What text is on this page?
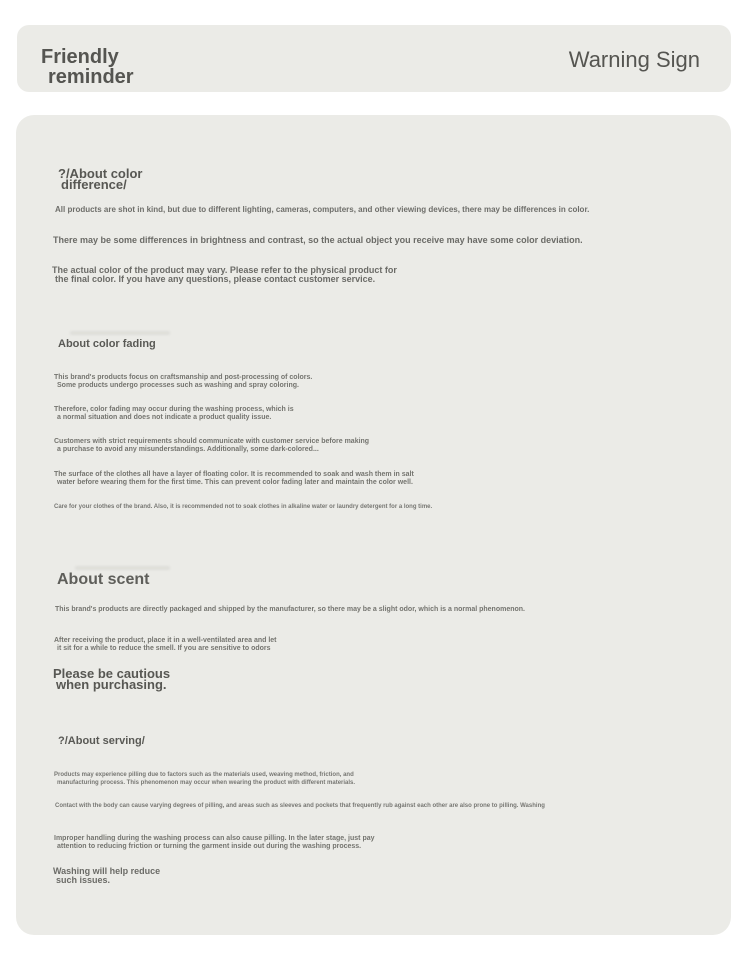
Friendly
reminder
Warning Sign
?/About color
difference/
All products are shot in kind, but due to different lighting, cameras, computers, and other viewing devices, there may be differences in color.
There may be some differences in brightness and contrast, so the actual object you receive may have some color deviation.
The actual color of the product may vary. Please refer to the physical product for
the final color. If you have any questions, please contact customer service.
About color fading
This brand's products focus on craftsmanship and post-processing of colors.
Some products undergo processes such as washing and spray coloring.
Therefore, color fading may occur during the washing process, which is
a normal situation and does not indicate a product quality issue.
Customers with strict requirements should communicate with customer service before making
a purchase to avoid any misunderstandings. Additionally, some dark-colored...
The surface of the clothes all have a layer of floating color. It is recommended to soak and wash them in salt
water before wearing them for the first time. This can prevent color fading later and maintain the color well.
Care for your clothes of the brand. Also, it is recommended not to soak clothes in alkaline water or laundry detergent for a long time.
About scent
This brand's products are directly packaged and shipped by the manufacturer, so there may be a slight odor, which is a normal phenomenon.
After receiving the product, place it in a well-ventilated area and let
it sit for a while to reduce the smell. If you are sensitive to odors
Please be cautious
when purchasing.
?/About serving/
Products may experience pilling due to factors such as the materials used, weaving method, friction, and
manufacturing process. This phenomenon may occur when wearing the product with different materials.
Contact with the body can cause varying degrees of pilling, and areas such as sleeves and pockets that frequently rub against each other are also prone to pilling. Washing
Improper handling during the washing process can also cause pilling. In the later stage, just pay
attention to reducing friction or turning the garment inside out during the washing process.
Washing will help reduce
such issues.
